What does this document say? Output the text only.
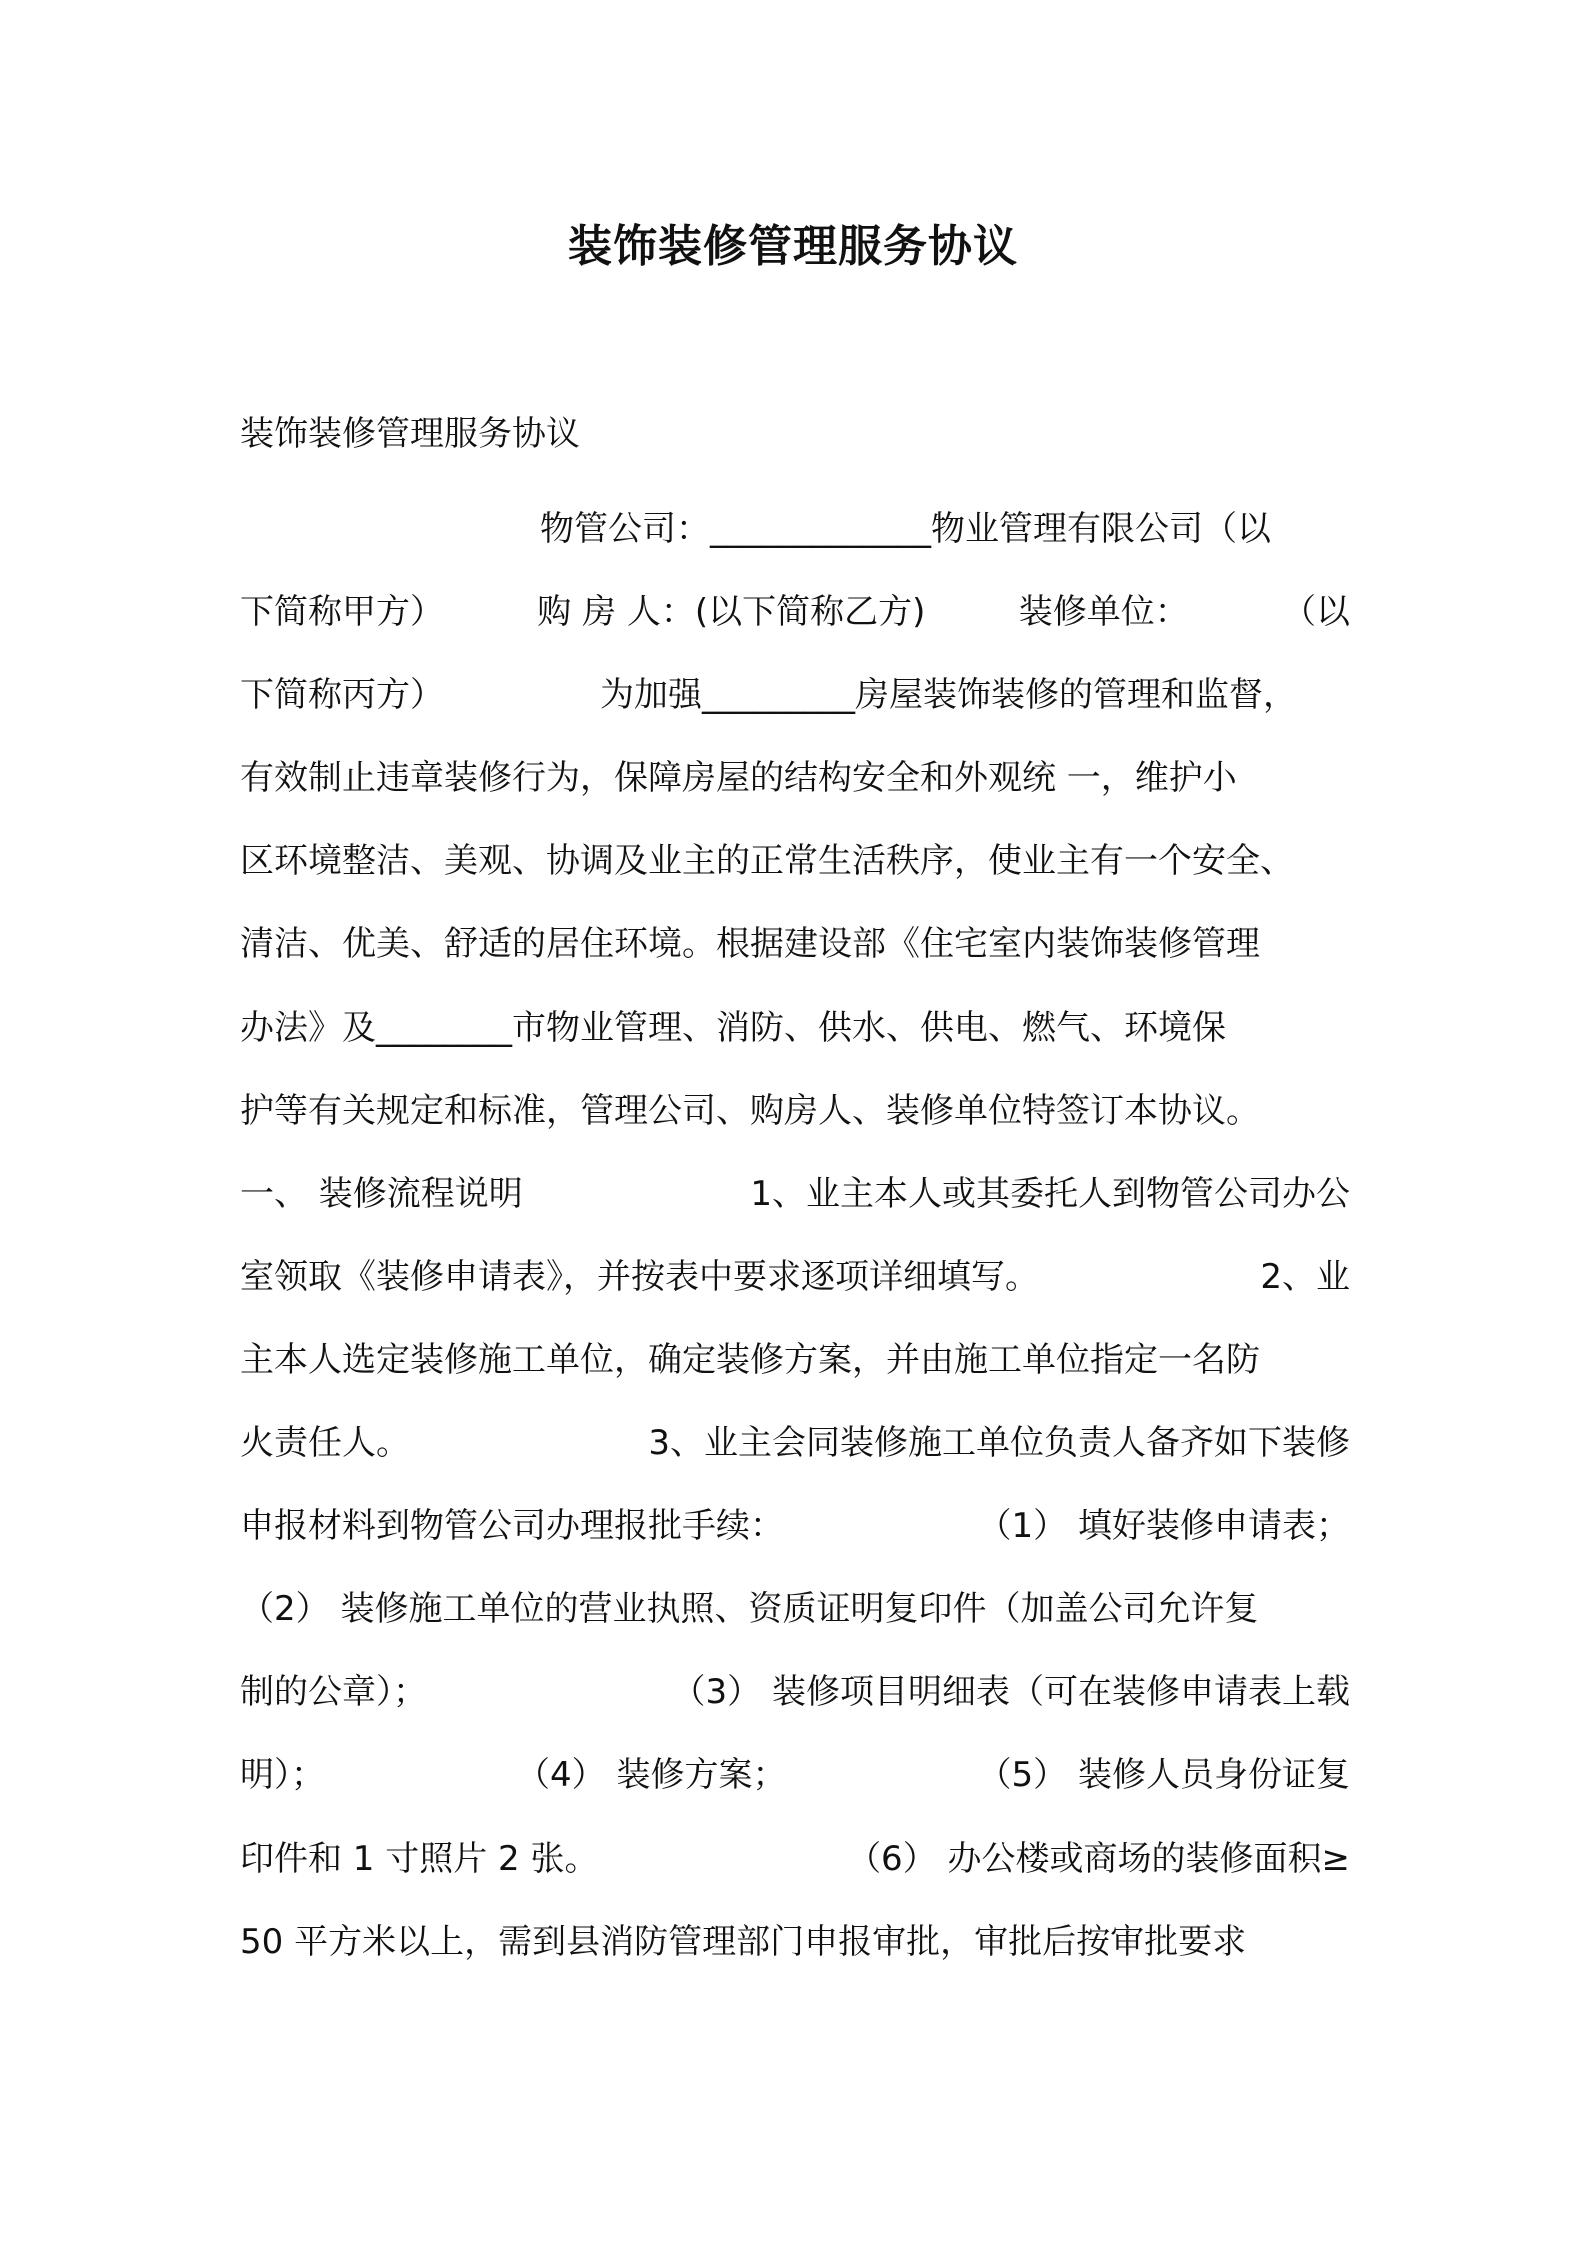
装饰装修管理服务协议
装饰装修管理服务协议
物管公司：_____________物业管理有限公司（以
下简称甲方）	购 房 人：(以下简称乙方)	装修单位：	（以
下简称丙方）	为加强_________房屋装饰装修的管理和监督，
有效制止违章装修行为，保障房屋的结构安全和外观统 一，维护小
区环境整洁、美观、协调及业主的正常生活秩序，使业主有一个安全、
清洁、优美、舒适的居住环境。根据建设部《住宅室内装饰装修管理
办法》及________市物业管理、消防、供水、供电、燃气、环境保
护等有关规定和标准，管理公司、购房人、装修单位特签订本协议。
一、 装修流程说明	1、业主本人或其委托人到物管公司办公
室领取《装修申请表》，并按表中要求逐项详细填写。	2、业
主本人选定装修施工单位，确定装修方案，并由施工单位指定一名防
火责任人。	3、业主会同装修施工单位负责人备齐如下装修
申报材料到物管公司办理报批手续：	（1） 填好装修申请表；
（2） 装修施工单位的营业执照、资质证明复印件（加盖公司允许复
制的公章）；	（3） 装修项目明细表（可在装修申请表上载
明）；	（4） 装修方案；	（5） 装修人员身份证复
印件和 1 寸照片 2 张。	（6） 办公楼或商场的装修面积≥
50 平方米以上，需到县消防管理部门申报审批，审批后按审批要求
